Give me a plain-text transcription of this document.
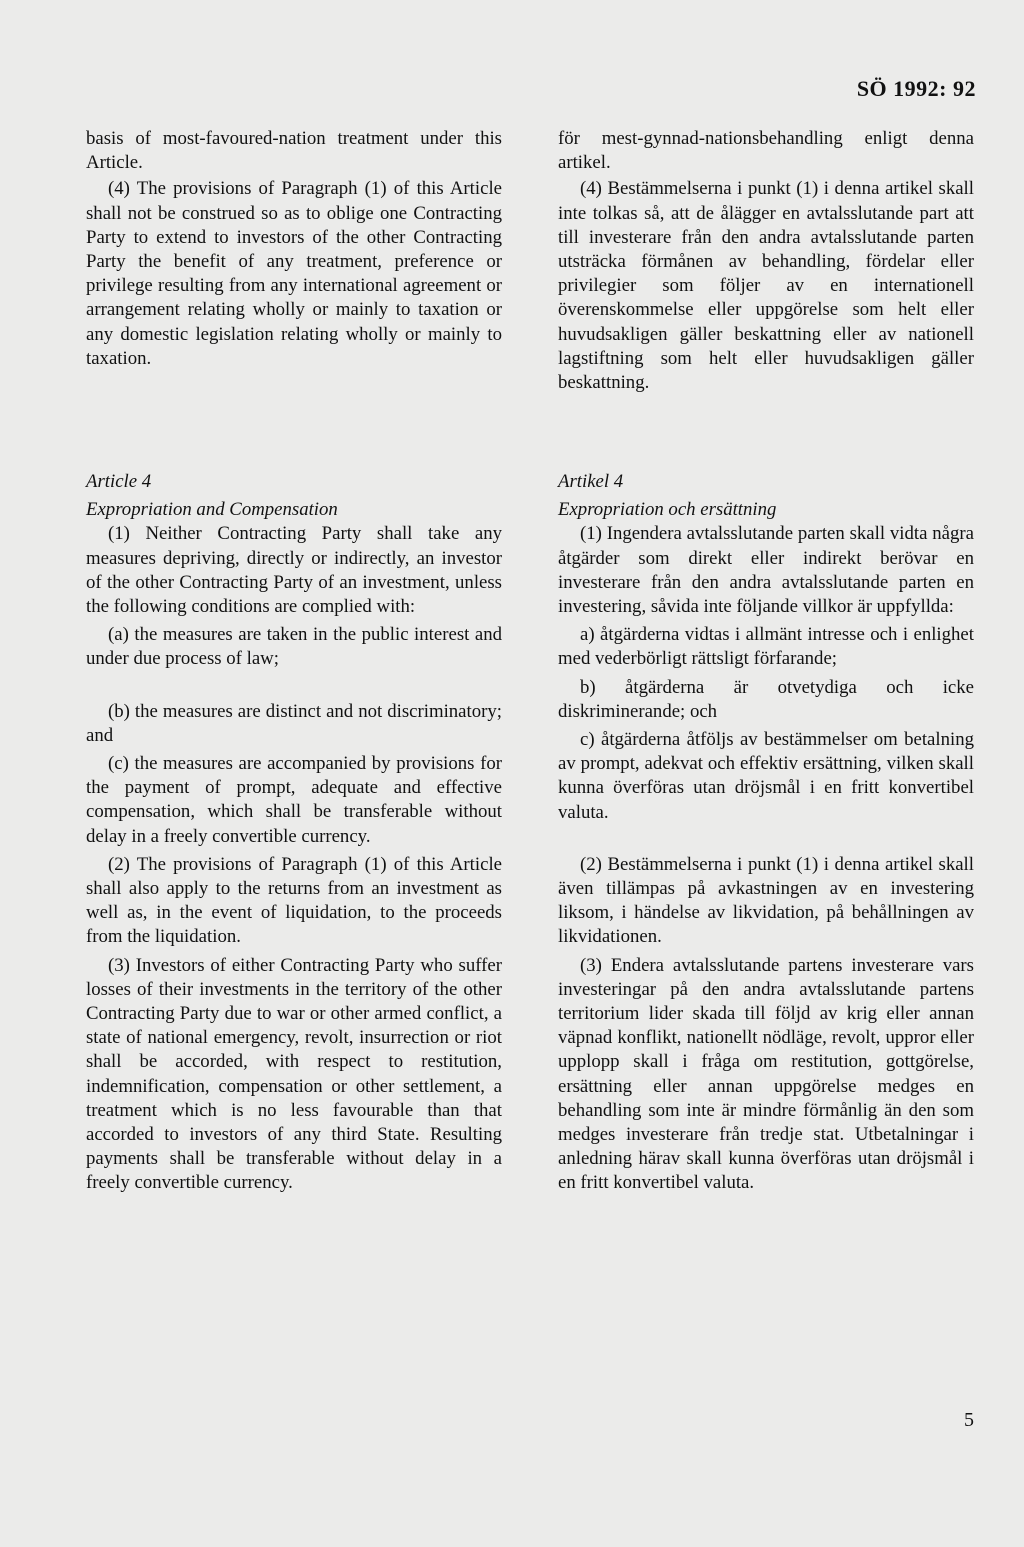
SÖ 1992: 92

basis of most-favoured-nation treatment under this Article.

(4) The provisions of Paragraph (1) of this Article shall not be construed so as to oblige one Contracting Party to extend to investors of the other Contracting Party the benefit of any treatment, preference or privilege resulting from any international agreement or arrangement relating wholly or mainly to taxation or any domestic legislation relating wholly or mainly to taxation.

Article 4

Expropriation and Compensation

(1) Neither Contracting Party shall take any measures depriving, directly or indirectly, an investor of the other Contracting Party of an investment, unless the following conditions are complied with:

(a) the measures are taken in the public interest and under due process of law;

(b) the measures are distinct and not discriminatory; and

(c) the measures are accompanied by provisions for the payment of prompt, adequate and effective compensation, which shall be transferable without delay in a freely convertible currency.

(2) The provisions of Paragraph (1) of this Article shall also apply to the returns from an investment as well as, in the event of liquidation, to the proceeds from the liquidation.

(3) Investors of either Contracting Party who suffer losses of their investments in the territory of the other Contracting Party due to war or other armed conflict, a state of national emergency, revolt, insurrection or riot shall be accorded, with respect to restitution, indemnification, compensation or other settlement, a treatment which is no less favourable than that accorded to investors of any third State. Resulting payments shall be transferable without delay in a freely convertible currency.

för mest-gynnad-nationsbehandling enligt denna artikel.

(4) Bestämmelserna i punkt (1) i denna artikel skall inte tolkas så, att de ålägger en avtalsslutande part att till investerare från den andra avtalsslutande parten utsträcka förmånen av behandling, fördelar eller privilegier som följer av en internationell överenskommelse eller uppgörelse som helt eller huvudsakligen gäller beskattning eller av nationell lagstiftning som helt eller huvudsakligen gäller beskattning.

Artikel 4

Expropriation och ersättning

(1) Ingendera avtalsslutande parten skall vidta några åtgärder som direkt eller indirekt berövar en investerare från den andra avtalsslutande parten en investering, såvida inte följande villkor är uppfyllda:

a) åtgärderna vidtas i allmänt intresse och i enlighet med vederbörligt rättsligt förfarande;

b) åtgärderna är otvetydiga och icke diskriminerande; och

c) åtgärderna åtföljs av bestämmelser om betalning av prompt, adekvat och effektiv ersättning, vilken skall kunna överföras utan dröjsmål i en fritt konvertibel valuta.

(2) Bestämmelserna i punkt (1) i denna artikel skall även tillämpas på avkastningen av en investering liksom, i händelse av likvidation, på behållningen av likvidationen.

(3) Endera avtalsslutande partens investerare vars investeringar på den andra avtalsslutande partens territorium lider skada till följd av krig eller annan väpnad konflikt, nationellt nödläge, revolt, uppror eller upplopp skall i fråga om restitution, gottgörelse, ersättning eller annan uppgörelse medges en behandling som inte är mindre förmånlig än den som medges investerare från tredje stat. Utbetalningar i anledning härav skall kunna överföras utan dröjsmål i en fritt konvertibel valuta.

5
